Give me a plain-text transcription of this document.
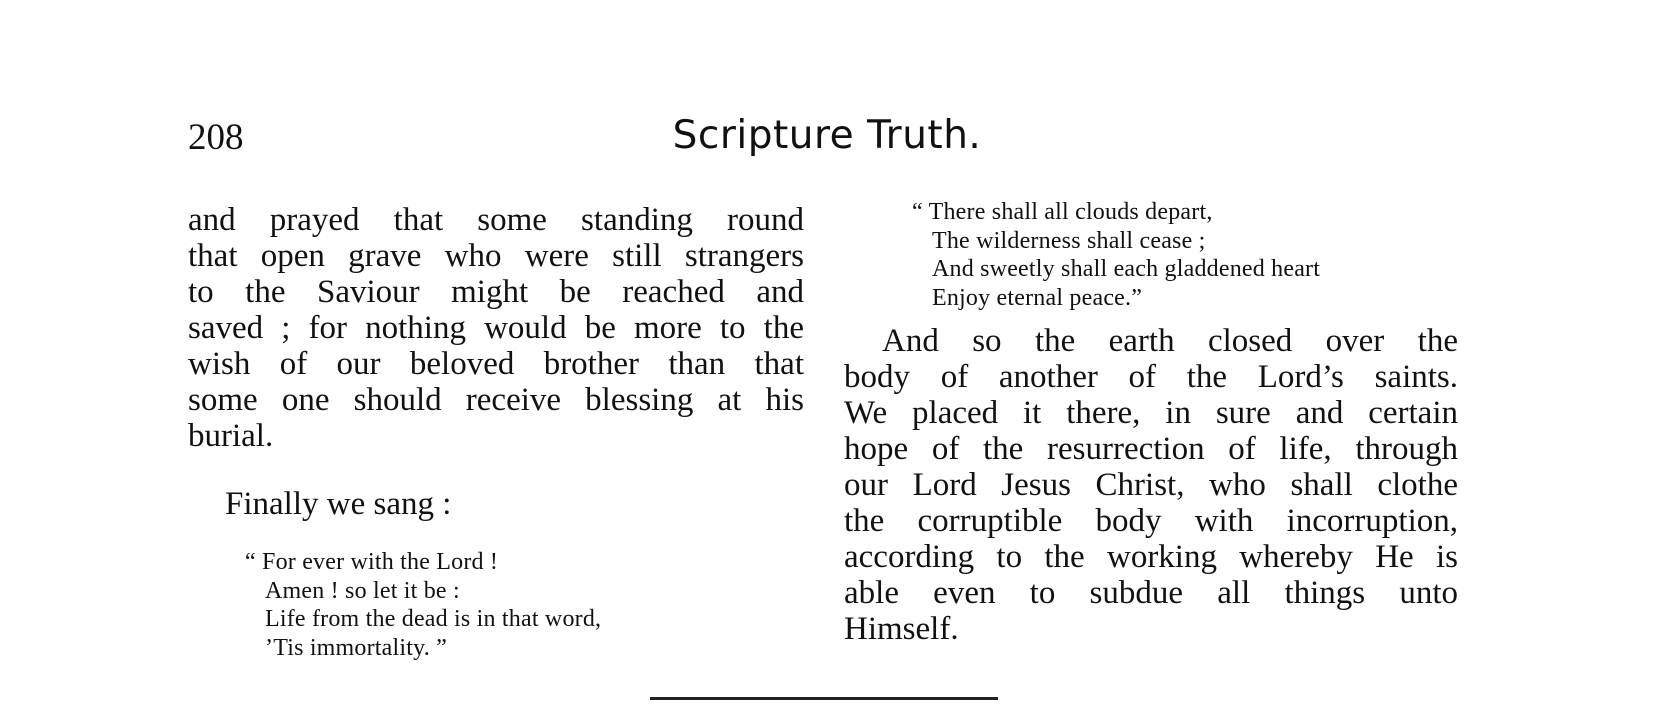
208	Scripture Truth.

and prayed that some standing round
that open grave who were still strangers
to the Saviour might be reached and
saved ; for nothing would be more to the
wish of our beloved brother than that
some one should receive blessing at his
burial.

Finally we sang :

“ For ever with the Lord !
Amen ! so let it be :
Life from the dead is in that word,
’Tis immortality. ”
“ There shall all clouds depart,
The wilderness shall cease ;
And sweetly shall each gladdened heart
Enjoy eternal peace.”

And so the earth closed over the
body of another of the Lord’s saints.
We placed it there, in sure and certain
hope of the resurrection of life, through
our Lord Jesus Christ, who shall clothe
the corruptible body with incorruption,
according to the working whereby He is
able even to subdue all things unto
Himself.
